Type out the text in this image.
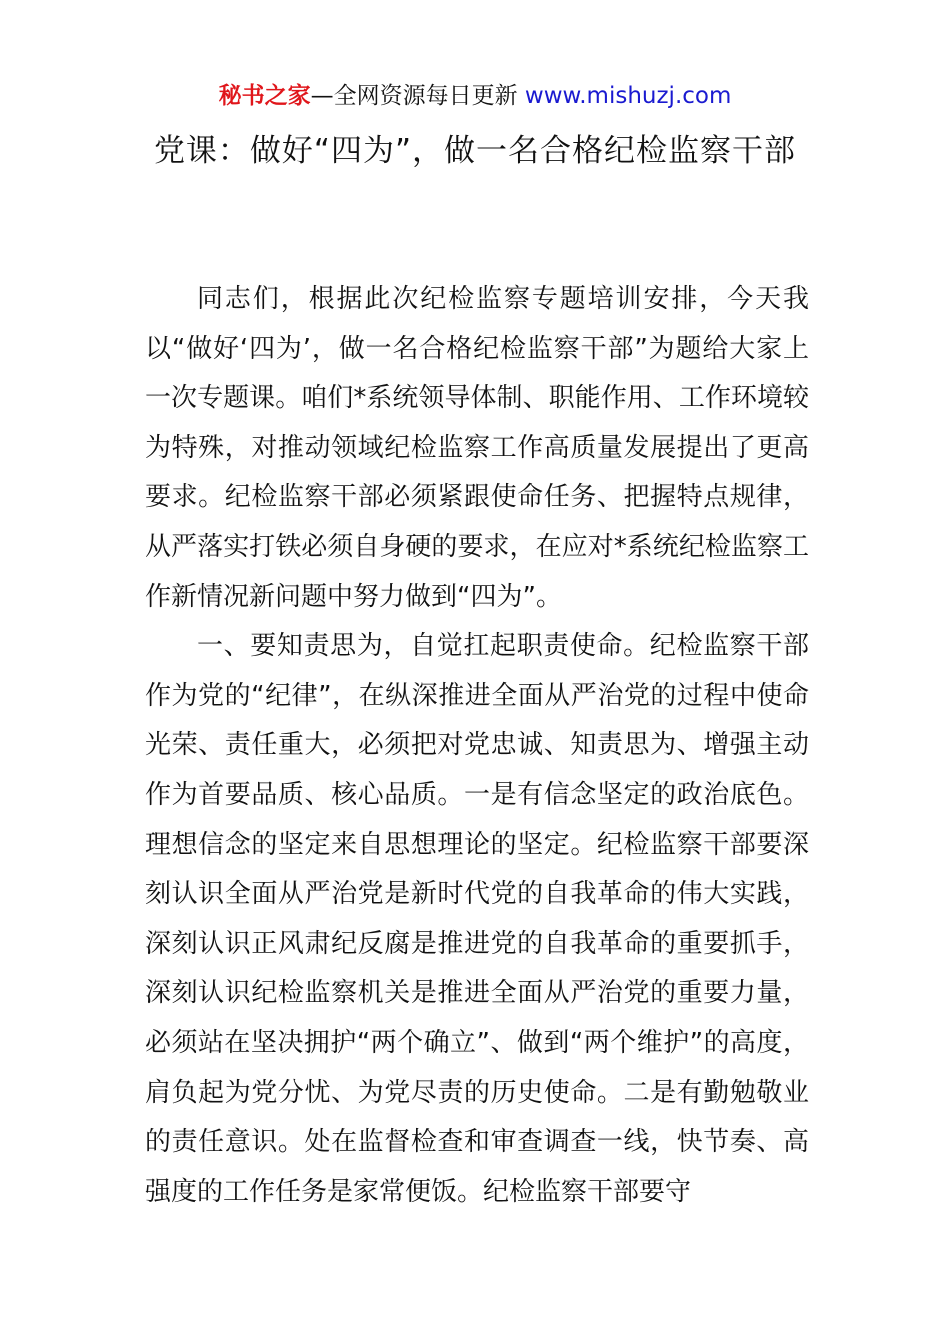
秘书之家—全网资源每日更新 www.mishuzj.com
党课：做好“四为”，做一名合格纪检监察干部

同志们，根据此次纪检监察专题培训安排，今天我以“做好‘四为’，做一名合格纪检监察干部”为题给大家上一次专题课。咱们*系统领导体制、职能作用、工作环境较为特殊，对推动领域纪检监察工作高质量发展提出了更高要求。纪检监察干部必须紧跟使命任务、把握特点规律，从严落实打铁必须自身硬的要求，在应对*系统纪检监察工作新情况新问题中努力做到“四为”。

一、要知责思为，自觉扛起职责使命。纪检监察干部作为党的“纪律”，在纵深推进全面从严治党的过程中使命光荣、责任重大，必须把对党忠诚、知责思为、增强主动作为首要品质、核心品质。一是有信念坚定的政治底色。理想信念的坚定来自思想理论的坚定。纪检监察干部要深刻认识全面从严治党是新时代党的自我革命的伟大实践，深刻认识正风肃纪反腐是推进党的自我革命的重要抓手，深刻认识纪检监察机关是推进全面从严治党的重要力量，必须站在坚决拥护“两个确立”、做到“两个维护”的高度，肩负起为党分忧、为党尽责的历史使命。二是有勤勉敬业的责任意识。处在监督检查和审查调查一线，快节奏、高强度的工作任务是家常便饭。纪检监察干部要守
